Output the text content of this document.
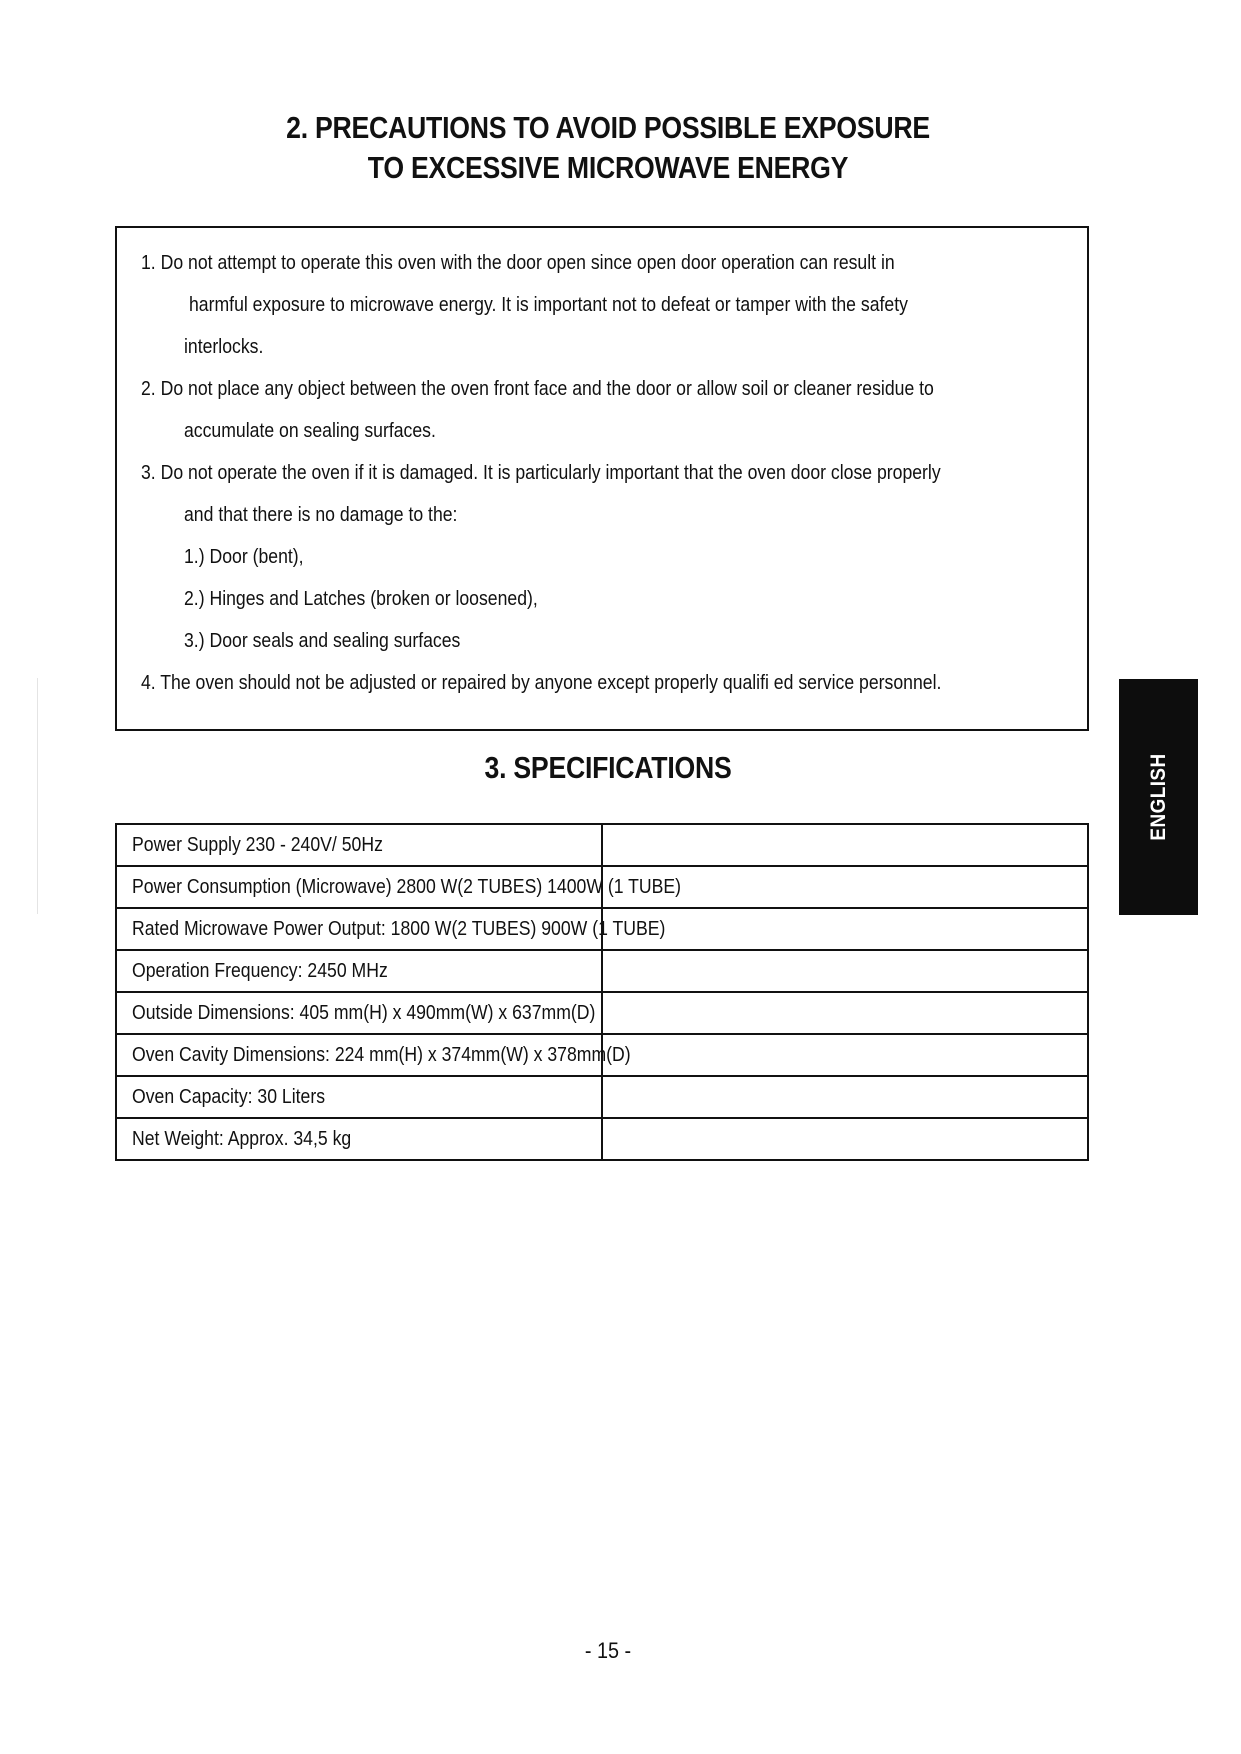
2. PRECAUTIONS TO AVOID POSSIBLE EXPOSURE
TO EXCESSIVE MICROWAVE ENERGY
1. Do not attempt to operate this oven with the door open since open door operation can result in
harmful exposure to microwave energy. It is important not to defeat or tamper with the safety
interlocks.
2. Do not place any object between the oven front face and the door or allow soil or cleaner residue to
accumulate on sealing surfaces.
3. Do not operate the oven if it is damaged. It is particularly important that the oven door close properly
and that there is no damage to the:
1.) Door (bent),
2.) Hinges and Latches (broken or loosened),
3.) Door seals and sealing surfaces
4. The oven should not be adjusted or repaired by anyone except properly qualifi ed service personnel.
3. SPECIFICATIONS
Power Supply 230 - 240V/ 50Hz	
Power Consumption (Microwave) 2800 W(2 TUBES) 1400W (1 TUBE)	
Rated Microwave Power Output: 1800 W(2 TUBES) 900W (1 TUBE)	
Operation Frequency: 2450 MHz	
Outside Dimensions: 405 mm(H) x 490mm(W) x 637mm(D)	
Oven Cavity Dimensions: 224 mm(H) x 374mm(W) x 378mm(D)	
Oven Capacity: 30 Liters	
Net Weight: Approx. 34,5 kg	
ENGLISH
- 15 -
